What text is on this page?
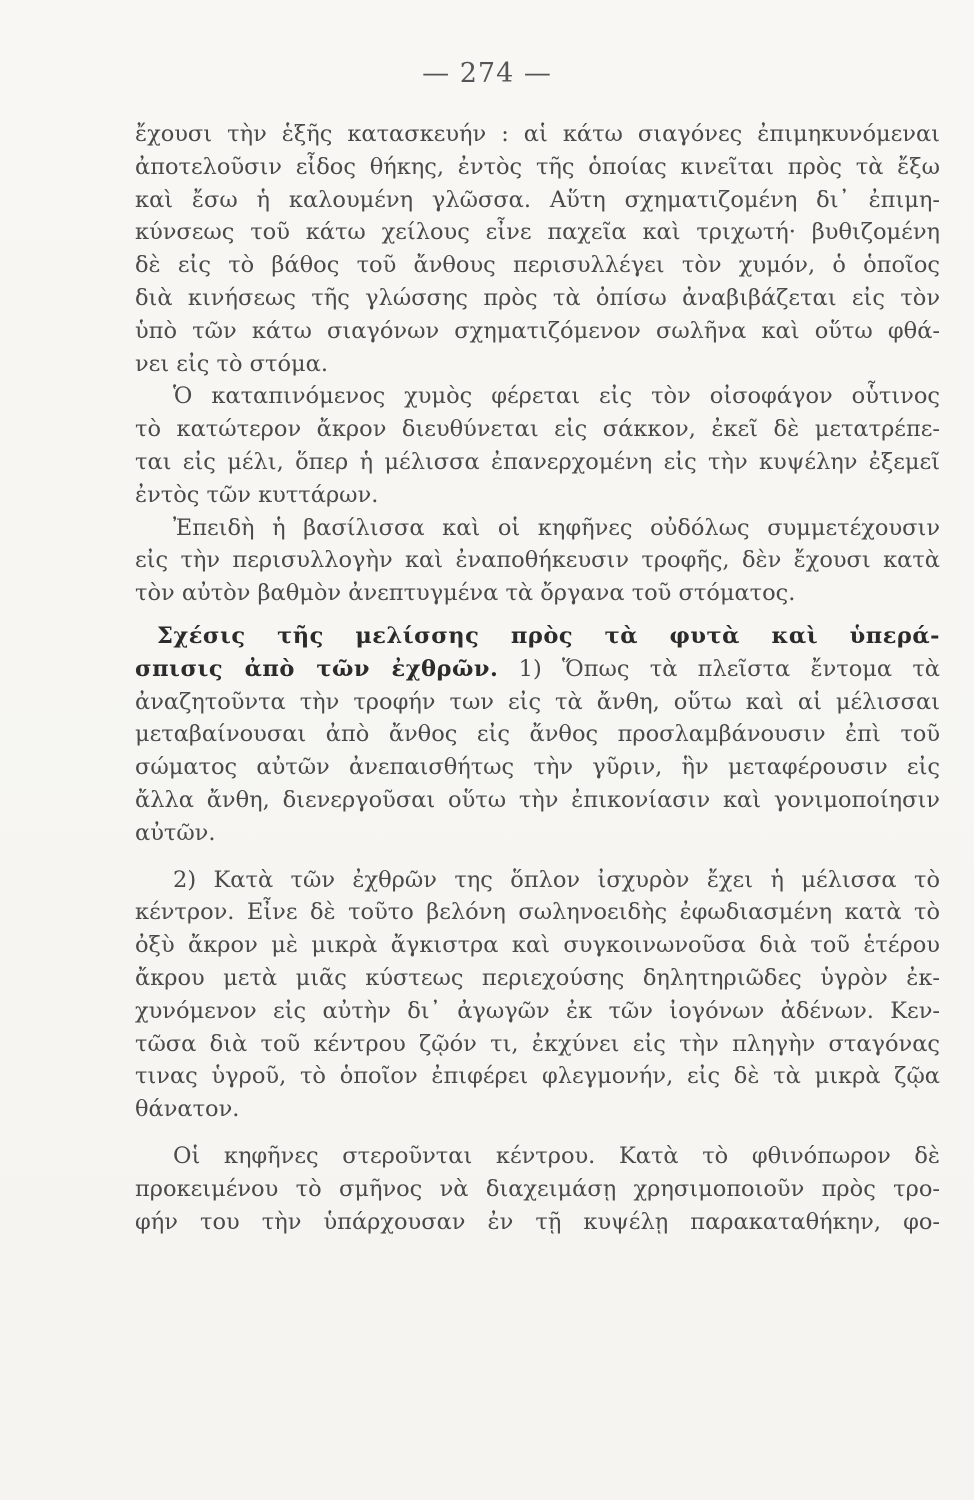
— 274 —
ἔχουσι τὴν ἑξῆς κατασκευήν : αἱ κάτω σιαγόνες ἐπιμηκυνόμεναι
ἀποτελοῦσιν εἶδος θήκης, ἐντὸς τῆς ὁποίας κινεῖται πρὸς τὰ ἔξω
καὶ ἔσω ἡ καλουμένη γλῶσσα. Αὕτη σχηματιζομένη δι᾽ ἐπιμη-
κύνσεως τοῦ κάτω χείλους εἶνε παχεῖα καὶ τριχωτή· βυθιζομένη
δὲ εἰς τὸ βάθος τοῦ ἄνθους περισυλλέγει τὸν χυμόν, ὁ ὁποῖος
διὰ κινήσεως τῆς γλώσσης πρὸς τὰ ὀπίσω ἀναβιβάζεται εἰς τὸν
ὑπὸ τῶν κάτω σιαγόνων σχηματιζόμενον σωλῆνα καὶ οὕτω φθά-
νει εἰς τὸ στόμα.
Ὁ καταπινόμενος χυμὸς φέρεται εἰς τὸν οἰσοφάγον οὗτινος
τὸ κατώτερον ἄκρον διευθύνεται εἰς σάκκον, ἐκεῖ δὲ μετατρέπε-
ται εἰς μέλι, ὅπερ ἡ μέλισσα ἐπανερχομένη εἰς τὴν κυψέλην ἐξεμεῖ
ἐντὸς τῶν κυττάρων.
Ἐπειδὴ ἡ βασίλισσα καὶ οἱ κηφῆνες οὐδόλως συμμετέχουσιν
εἰς τὴν περισυλλογὴν καὶ ἐναποθήκευσιν τροφῆς, δὲν ἔχουσι κατὰ
τὸν αὐτὸν βαθμὸν ἀνεπτυγμένα τὰ ὄργανα τοῦ στόματος.
Σχέσις τῆς μελίσσης πρὸς τὰ φυτὰ καὶ ὑπερά-
σπισις ἀπὸ τῶν ἐχθρῶν. 1) Ὅπως τὰ πλεῖστα ἔντομα τὰ
ἀναζητοῦντα τὴν τροφήν των εἰς τὰ ἄνθη, οὕτω καὶ αἱ μέλισσαι
μεταβαίνουσαι ἀπὸ ἄνθος εἰς ἄνθος προσλαμβάνουσιν ἐπὶ τοῦ
σώματος αὐτῶν ἀνεπαισθήτως τὴν γῦριν, ἣν μεταφέρουσιν εἰς
ἄλλα ἄνθη, διενεργοῦσαι οὕτω τὴν ἐπικονίασιν καὶ γονιμοποίησιν
αὐτῶν.
2) Κατὰ τῶν ἐχθρῶν της ὅπλον ἰσχυρὸν ἔχει ἡ μέλισσα τὸ
κέντρον. Εἶνε δὲ τοῦτο βελόνη σωληνοειδὴς ἐφωδιασμένη κατὰ τὸ
ὀξὺ ἄκρον μὲ μικρὰ ἄγκιστρα καὶ συγκοινωνοῦσα διὰ τοῦ ἑτέρου
ἄκρου μετὰ μιᾶς κύστεως περιεχούσης δηλητηριῶδες ὑγρὸν ἐκ-
χυνόμενον εἰς αὐτὴν δι᾽ ἀγωγῶν ἐκ τῶν ἰογόνων ἀδένων. Κεν-
τῶσα διὰ τοῦ κέντρου ζῷόν τι, ἐκχύνει εἰς τὴν πληγὴν σταγόνας
τινας ὑγροῦ, τὸ ὁποῖον ἐπιφέρει φλεγμονήν, εἰς δὲ τὰ μικρὰ ζῷα
θάνατον.
Οἱ κηφῆνες στεροῦνται κέντρου. Κατὰ τὸ φθινόπωρον δὲ
προκειμένου τὸ σμῆνος νὰ διαχειμάσῃ χρησιμοποιοῦν πρὸς τρο-
φήν του τὴν ὑπάρχουσαν ἐν τῇ κυψέλῃ παρακαταθήκην, φο-
